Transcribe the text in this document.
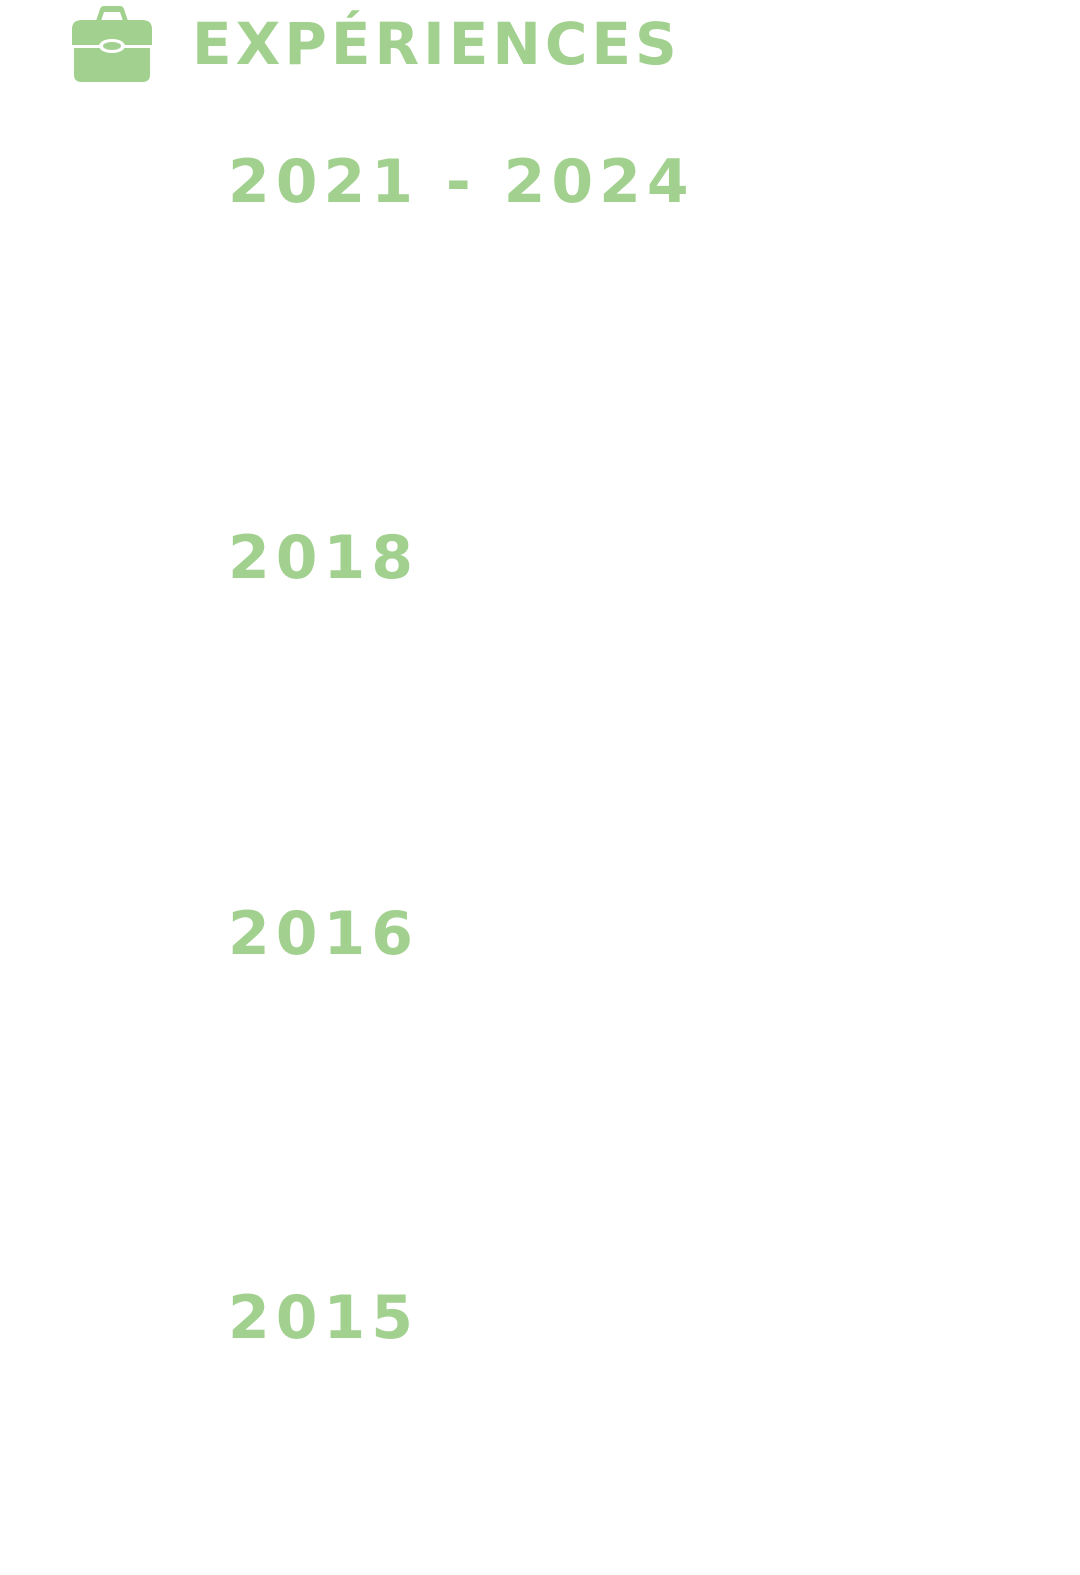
EXPÉRIENCES
2021 - 2024
2018
2016
2015
